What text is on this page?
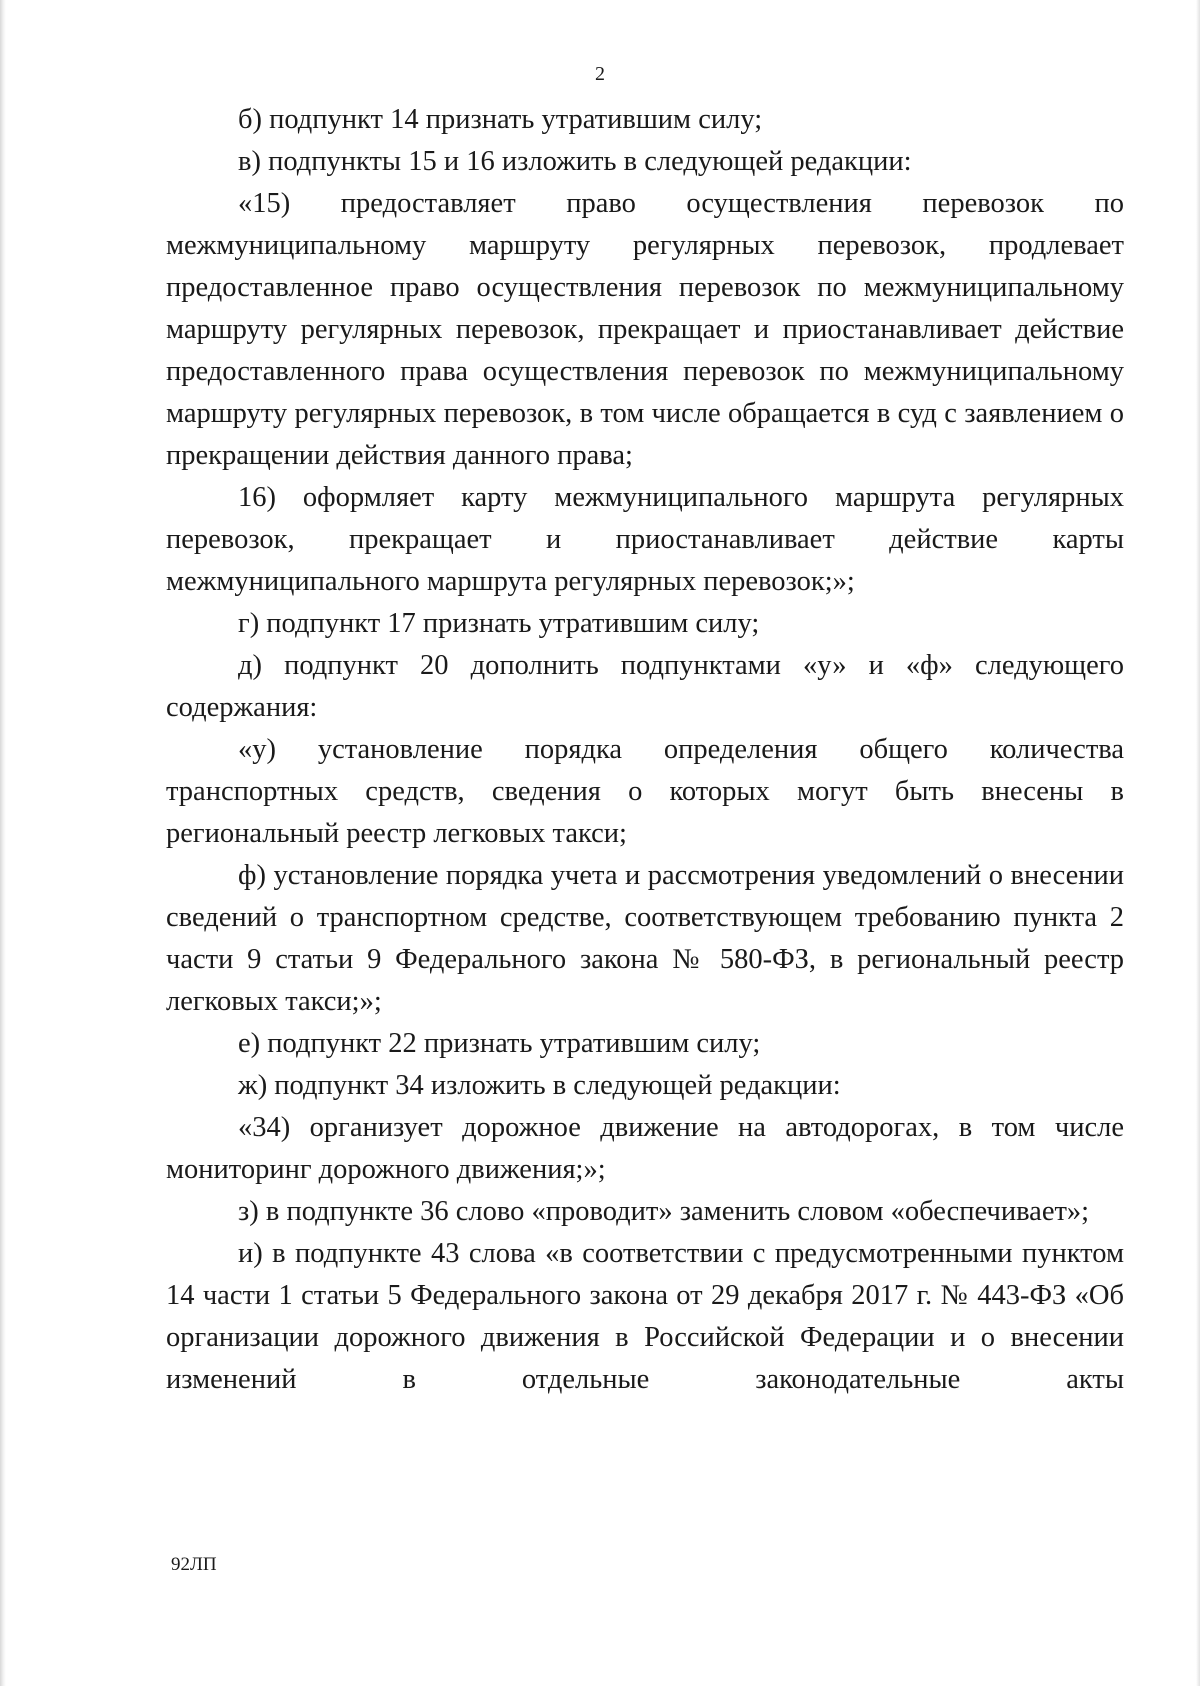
2

б) подпункт 14 признать утратившим силу;

в) подпункты 15 и 16 изложить в следующей редакции:

«15) предоставляет право осуществления перевозок по межмуниципальному маршруту регулярных перевозок, продлевает предоставленное право осуществления перевозок по межмуниципальному маршруту регулярных перевозок, прекращает и приостанавливает действие предоставленного права осуществления перевозок по межмуниципальному маршруту регулярных перевозок, в том числе обращается в суд с заявлением о прекращении действия данного права;

16) оформляет карту межмуниципального маршрута регулярных перевозок, прекращает и приостанавливает действие карты межмуниципального маршрута регулярных перевозок;»;

г) подпункт 17 признать утратившим силу;

д) подпункт 20 дополнить подпунктами «у» и «ф» следующего содержания:

«у) установление порядка определения общего количества транспортных средств, сведения о которых могут быть внесены в региональный реестр легковых такси;

ф) установление порядка учета и рассмотрения уведомлений о внесении сведений о транспортном средстве, соответствующем требованию пункта 2 части 9 статьи 9 Федерального закона № 580-ФЗ, в региональный реестр легковых такси;»;

е) подпункт 22 признать утратившим силу;

ж) подпункт 34 изложить в следующей редакции:

«34) организует дорожное движение на автодорогах, в том числе мониторинг дорожного движения;»;

з) в подпункте 36 слово «проводит» заменить словом «обеспечивает»;

и) в подпункте 43 слова «в соответствии с предусмотренными пунктом 14 части 1 статьи 5 Федерального закона от 29 декабря 2017 г. № 443-ФЗ «Об организации дорожного движения в Российской Федерации и о внесении изменений в отдельные законодательные акты

92ЛП
